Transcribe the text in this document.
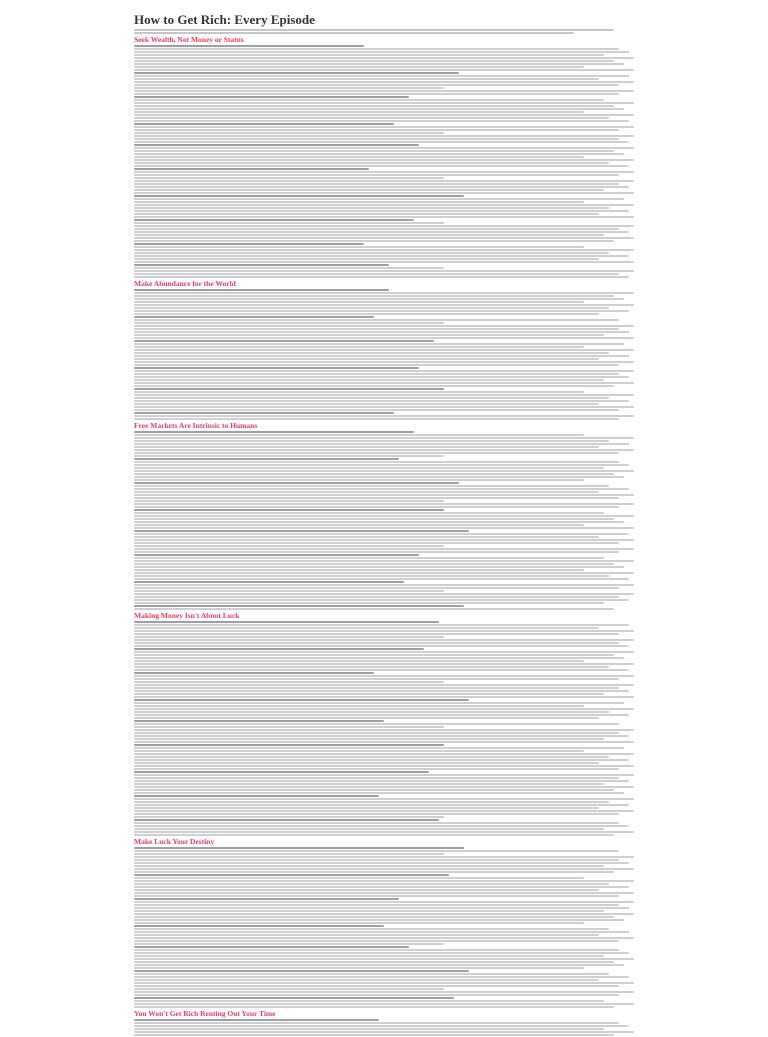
How to Get Rich: Every Episode
Seek Wealth, Not Money or Status
Make Abundance for the World
Free Markets Are Intrinsic to Humans
Making Money Isn't About Luck
Make Luck Your Destiny
You Won't Get Rich Renting Out Your Time
